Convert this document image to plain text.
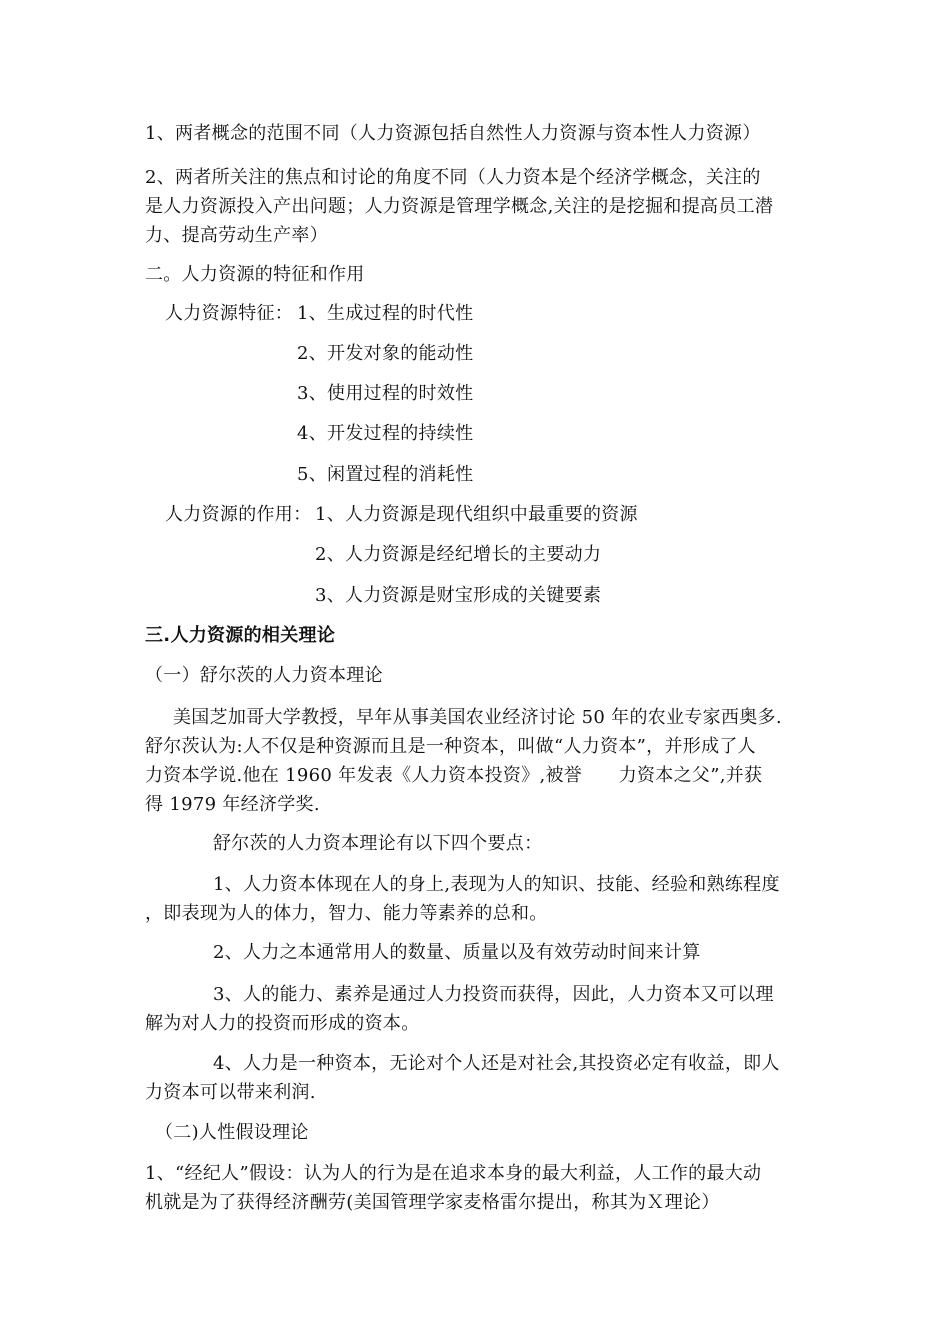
1、两者概念的范围不同（人力资源包括自然性人力资源与资本性人力资源）
2、两者所关注的焦点和讨论的角度不同（人力资本是个经济学概念，关注的
是人力资源投入产出问题；人力资源是管理学概念,关注的是挖掘和提高员工潜
力、提高劳动生产率）
二。人力资源的特征和作用
人力资源特征： 1、生成过程的时代性
2、开发对象的能动性
3、使用过程的时效性
4、开发过程的持续性
5、闲置过程的消耗性
人力资源的作用： 1、人力资源是现代组织中最重要的资源
2、人力资源是经纪增长的主要动力
3、人力资源是财宝形成的关键要素
三.人力资源的相关理论
（一）舒尔茨的人力资本理论
美国芝加哥大学教授，早年从事美国农业经济讨论 50 年的农业专家西奥多.
舒尔茨认为:人不仅是种资源而且是一种资本，叫做“人力资本”，并形成了人
力资本学说.他在 1960 年发表《人力资本投资》,被誉　　力资本之父”,并获
得 1979 年经济学奖.
舒尔茨的人力资本理论有以下四个要点：
1、人力资本体现在人的身上,表现为人的知识、技能、经验和熟练程度
，即表现为人的体力，智力、能力等素养的总和。
2、人力之本通常用人的数量、质量以及有效劳动时间来计算
3、人的能力、素养是通过人力投资而获得，因此，人力资本又可以理
解为对人力的投资而形成的资本。
4、人力是一种资本，无论对个人还是对社会,其投资必定有收益，即人
力资本可以带来利润.
（二)人性假设理论
1、“经纪人”假设：认为人的行为是在追求本身的最大利益，人工作的最大动
机就是为了获得经济酬劳(美国管理学家麦格雷尔提出，称其为Ｘ理论）
